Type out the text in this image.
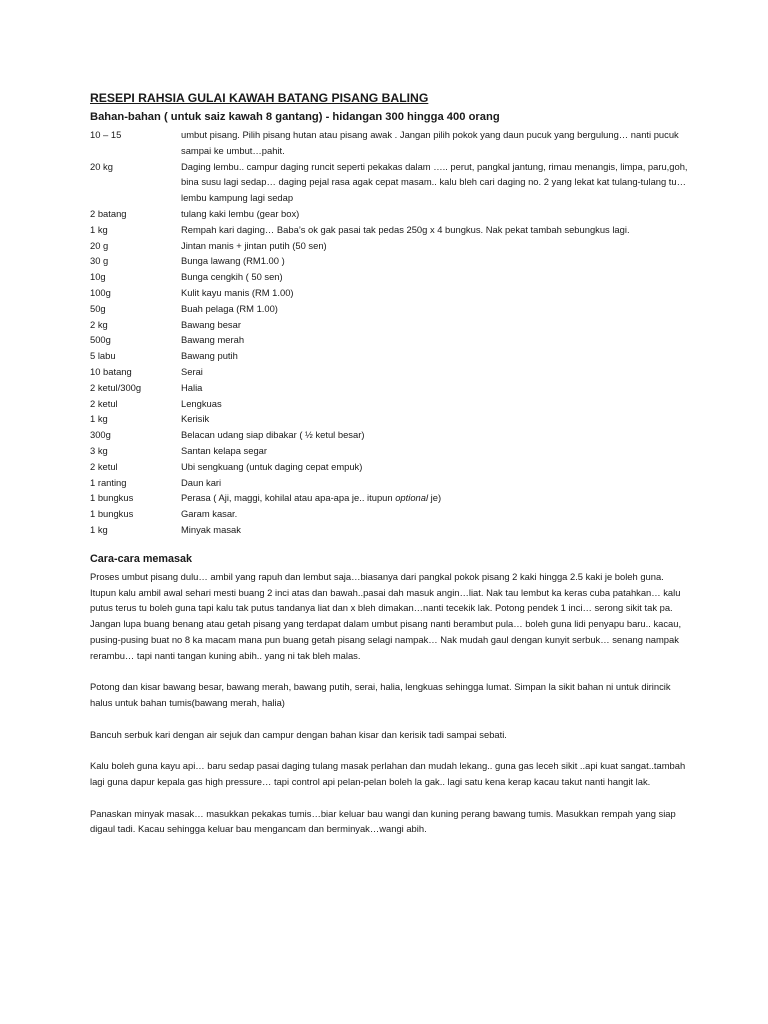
RESEPI RAHSIA GULAI KAWAH BATANG PISANG BALING
Bahan-bahan ( untuk saiz kawah 8 gantang) - hidangan 300 hingga 400 orang
10 – 15	umbut pisang. Pilih pisang hutan atau pisang awak . Jangan pilih pokok yang daun pucuk yang bergulung… nanti pucuk sampai ke umbut…pahit.
20 kg	Daging lembu.. campur daging runcit seperti pekakas dalam ….. perut, pangkal jantung, rimau menangis, limpa, paru,goh, bina susu lagi sedap… daging pejal rasa agak cepat masam.. kalu bleh cari daging no. 2 yang lekat kat tulang-tulang tu… lembu kampung lagi sedap
2 batang	tulang kaki lembu (gear box)
1 kg	Rempah kari daging… Baba’s ok gak pasai tak pedas 250g x 4 bungkus. Nak pekat tambah sebungkus lagi.
20 g	Jintan manis + jintan putih (50 sen)
30 g	Bunga lawang (RM1.00 )
10g	Bunga cengkih ( 50 sen)
100g	Kulit kayu manis (RM 1.00)
50g	Buah pelaga (RM 1.00)
2 kg	Bawang besar
500g	Bawang merah
5 labu	Bawang putih
10 batang	Serai
2 ketul/300g	Halia
2 ketul	Lengkuas
1 kg	Kerisik
300g	Belacan udang siap dibakar ( ½ ketul besar)
3 kg	Santan kelapa segar
2 ketul	Ubi sengkuang (untuk daging cepat empuk)
1 ranting	Daun kari
1 bungkus	Perasa ( Aji, maggi, kohilal atau apa-apa je.. itupun optional je)
1 bungkus	Garam kasar.
1 kg	Minyak masak
Cara-cara memasak

Proses umbut pisang dulu… ambil yang rapuh dan lembut saja…biasanya dari pangkal pokok pisang 2 kaki hingga 2.5 kaki je boleh guna. Itupun kalu ambil awal sehari mesti buang 2 inci atas dan bawah..pasai dah masuk angin…liat. Nak tau lembut ka keras cuba patahkan… kalu putus terus tu boleh guna tapi kalu tak putus tandanya liat dan x bleh dimakan…nanti tecekik lak. Potong pendek 1 inci… serong sikit tak pa. Jangan lupa buang benang atau getah pisang yang terdapat dalam umbut pisang nanti berambut pula… boleh guna lidi penyapu baru.. kacau, pusing-pusing buat no 8 ka macam mana pun buang getah pisang selagi nampak… Nak mudah gaul dengan kunyit serbuk… senang nampak rerambu… tapi nanti tangan kuning abih.. yang ni tak bleh malas.

Potong dan kisar bawang besar, bawang merah, bawang putih, serai, halia, lengkuas sehingga lumat. Simpan la sikit bahan ni untuk dirincik halus untuk bahan tumis(bawang merah, halia)

Bancuh serbuk kari dengan air sejuk dan campur dengan bahan kisar dan kerisik tadi sampai sebati.

Kalu boleh guna kayu api… baru sedap pasai daging tulang masak perlahan dan mudah lekang.. guna gas leceh sikit ..api kuat sangat..tambah lagi guna dapur kepala gas high pressure… tapi control api pelan-pelan boleh la gak.. lagi satu kena kerap kacau takut nanti hangit lak.

Panaskan minyak masak… masukkan pekakas tumis…biar keluar bau wangi dan kuning perang bawang tumis. Masukkan rempah yang siap digaul tadi. Kacau sehingga keluar bau mengancam dan berminyak…wangi abih.
